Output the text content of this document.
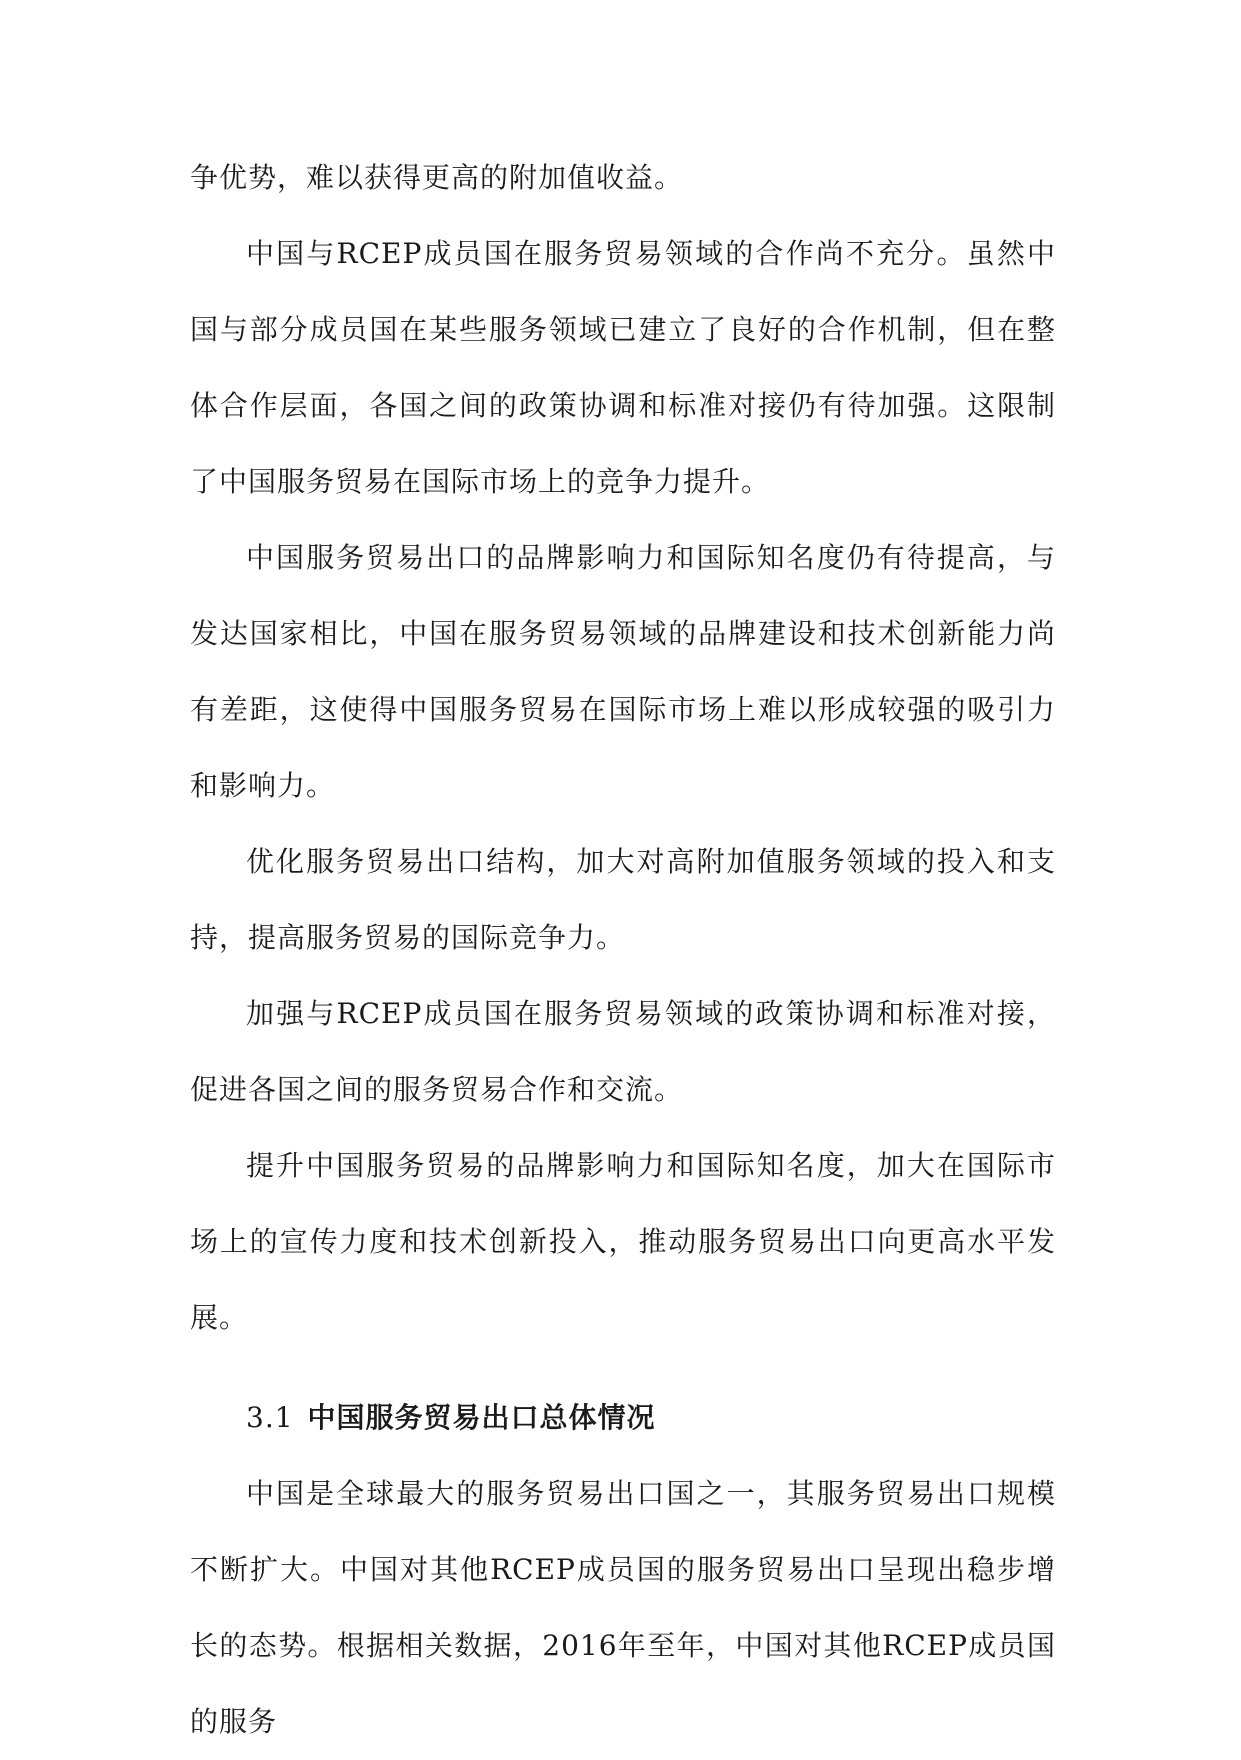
争优势，难以获得更高的附加值收益。

中国与RCEP成员国在服务贸易领域的合作尚不充分。虽然中国与部分成员国在某些服务领域已建立了良好的合作机制，但在整体合作层面，各国之间的政策协调和标准对接仍有待加强。这限制了中国服务贸易在国际市场上的竞争力提升。

中国服务贸易出口的品牌影响力和国际知名度仍有待提高，与发达国家相比，中国在服务贸易领域的品牌建设和技术创新能力尚有差距，这使得中国服务贸易在国际市场上难以形成较强的吸引力和影响力。

优化服务贸易出口结构，加大对高附加值服务领域的投入和支持，提高服务贸易的国际竞争力。

加强与RCEP成员国在服务贸易领域的政策协调和标准对接，促进各国之间的服务贸易合作和交流。

提升中国服务贸易的品牌影响力和国际知名度，加大在国际市场上的宣传力度和技术创新投入，推动服务贸易出口向更高水平发展。

3.1 中国服务贸易出口总体情况

中国是全球最大的服务贸易出口国之一，其服务贸易出口规模不断扩大。中国对其他RCEP成员国的服务贸易出口呈现出稳步增长的态势。根据相关数据，2016年至年，中国对其他RCEP成员国的服务
